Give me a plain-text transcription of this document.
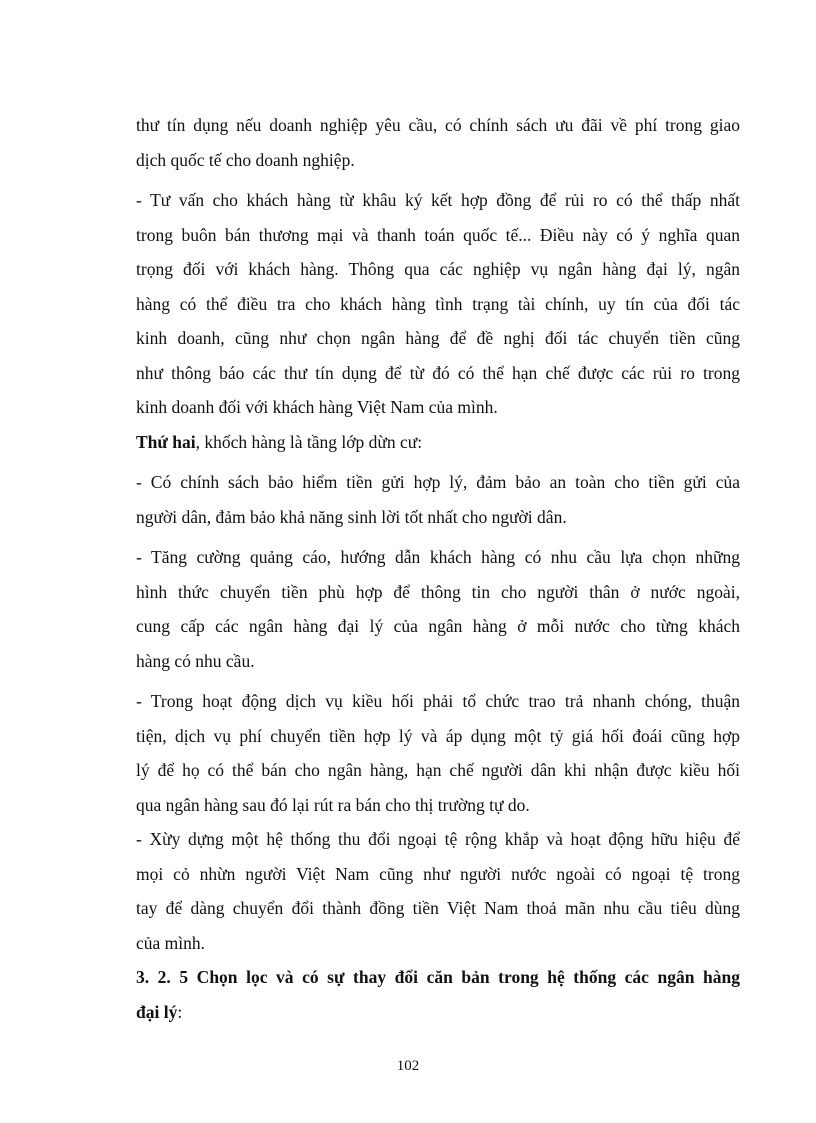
thư tín dụng nếu doanh nghiệp yêu cầu, có chính sách ưu đãi về phí trong giao
dịch quốc tế cho doanh nghiệp.
- Tư vấn cho khách hàng từ khâu ký kết hợp đồng để rủi ro có thể thấp nhất
trong buôn bán thương mại và thanh toán quốc tế... Điều này có ý nghĩa quan
trọng đối với khách hàng. Thông qua các nghiệp vụ ngân hàng đại lý, ngân
hàng có thể điều tra cho khách hàng tình trạng tài chính, uy tín của đối tác
kinh doanh, cũng như chọn ngân hàng để đề nghị đối tác chuyển tiền cũng
như thông báo các thư tín dụng để từ đó có thể hạn chế được các rủi ro trong
kinh doanh đối với khách hàng Việt Nam của mình.
Thứ hai, khốch hàng là tầng lớp dừn cư:
- Có chính sách bảo hiểm tiền gửi hợp lý, đảm bảo an toàn cho tiền gửi của
người dân, đảm bảo khả năng sinh lời tốt nhất cho người dân.
- Tăng cường quảng cáo, hướng dẫn khách hàng có nhu cầu lựa chọn những
hình thức chuyển tiền phù hợp để thông tin cho người thân ở nước ngoài,
cung cấp các ngân hàng đại lý của ngân hàng ở mỗi nước cho từng khách
hàng có nhu cầu.
- Trong hoạt động dịch vụ kiều hối phải tổ chức trao trả nhanh chóng, thuận
tiện, dịch vụ phí chuyển tiền hợp lý và áp dụng một tỷ giá hối đoái cũng hợp
lý để họ có thể bán cho ngân hàng, hạn chế người dân khi nhận được kiều hối
qua ngân hàng sau đó lại rút ra bán cho thị trường tự do.
- Xừy dựng một hệ thống thu đổi ngoại tệ rộng khắp và hoạt động hữu hiệu để
mọi cỏ nhừn người Việt Nam cũng như người nước ngoài có ngoại tệ trong
tay để dàng chuyển đổi thành đồng tiền Việt Nam thoả mãn nhu cầu tiêu dùng
của mình.
3. 2. 5 Chọn lọc và có sự thay đổi căn bản trong hệ thống các ngân hàng
đại lý:
102
